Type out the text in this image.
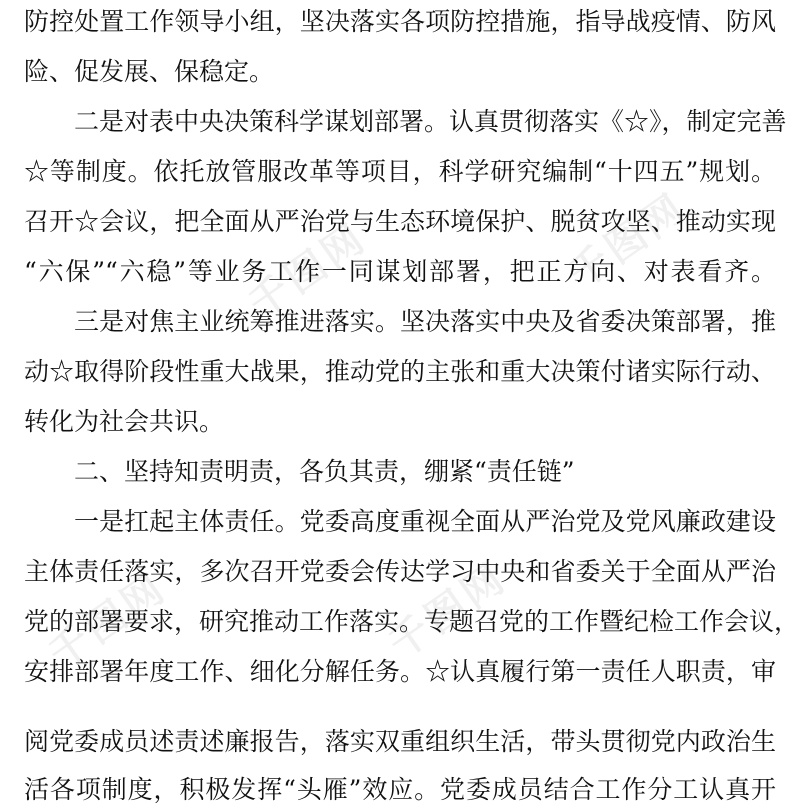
千图网	千图网
千图网	千图网
防控处置工作领导小组，坚决落实各项防控措施，指导战疫情、防风
险、促发展、保稳定。
二是对表中央决策科学谋划部署。认真贯彻落实《☆》，制定完善
☆等制度。依托放管服改革等项目，科学研究编制“十四五”规划。
召开☆会议，把全面从严治党与生态环境保护、脱贫攻坚、推动实现
“六保”“六稳”等业务工作一同谋划部署，把正方向、对表看齐。
三是对焦主业统筹推进落实。坚决落实中央及省委决策部署，推
动☆取得阶段性重大战果，推动党的主张和重大决策付诸实际行动、
转化为社会共识。
二、坚持知责明责，各负其责，绷紧“责任链”
一是扛起主体责任。党委高度重视全面从严治党及党风廉政建设
主体责任落实，多次召开党委会传达学习中央和省委关于全面从严治
党的部署要求，研究推动工作落实。专题召党的工作暨纪检工作会议，
安排部署年度工作、细化分解任务。☆认真履行第一责任人职责，审
阅党委成员述责述廉报告，落实双重组织生活，带头贯彻党内政治生
活各项制度，积极发挥“头雁”效应。党委成员结合工作分工认真开
